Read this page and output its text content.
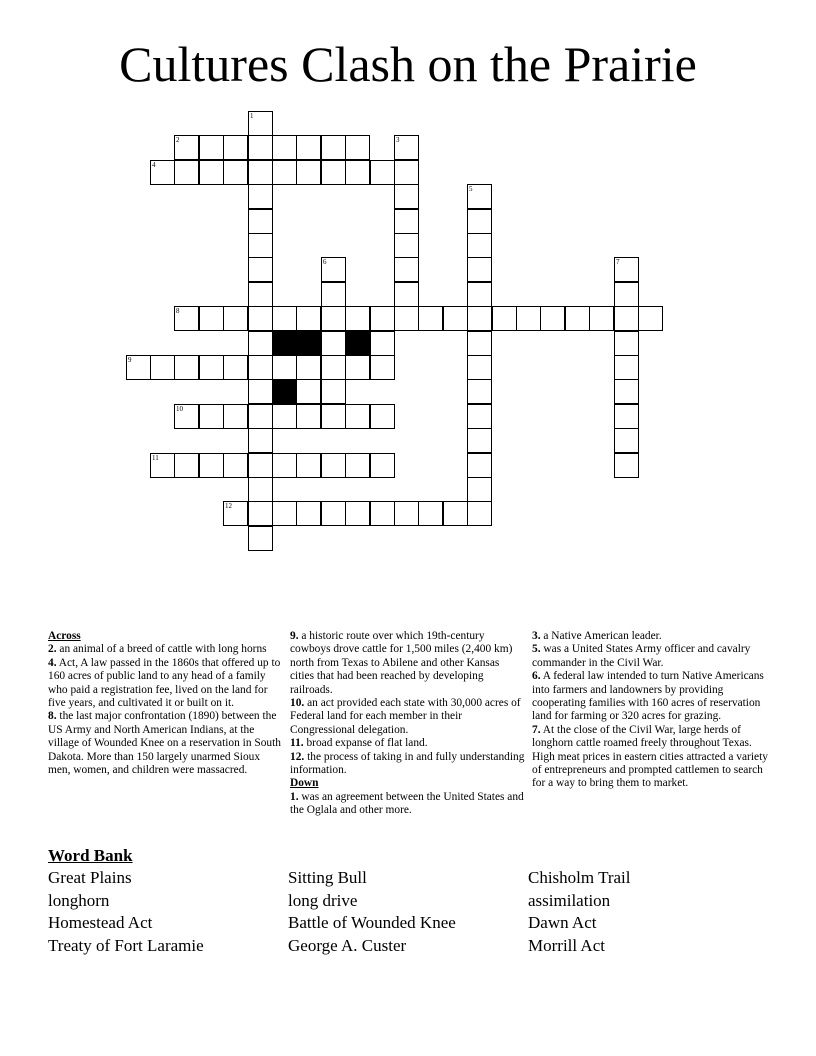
Cultures Clash on the Prairie
1
2	3
4
5
6	7
8
9
10
11
12
Across

2. an animal of a breed of cattle with long horns

4. Act, A law passed in the 1860s that offered up to 160 acres of public land to any head of a family who paid a registration fee, lived on the land for five years, and cultivated it or built on it.

8. the last major confrontation (1890) between the US Army and North American Indians, at the village of Wounded Knee on a reservation in South Dakota. More than 150 largely unarmed Sioux men, women, and children were massacred.

9. a historic route over which 19th-century cowboys drove cattle for 1,500 miles (2,400 km) north from Texas to Abilene and other Kansas cities that had been reached by developing railroads.

10. an act provided each state with 30,000 acres of Federal land for each member in their Congressional delegation.

11. broad expanse of flat land.

12. the process of taking in and fully understanding information.

Down

1. was an agreement between the United States and the Oglala and other more.

3. a Native American leader.

5. was a United States Army officer and cavalry commander in the Civil War.

6. A federal law intended to turn Native Americans into farmers and landowners by providing cooperating families with 160 acres of reservation land for farming or 320 acres for grazing.

7. At the close of the Civil War, large herds of longhorn cattle roamed freely throughout Texas. High meat prices in eastern cities attracted a variety of entrepreneurs and prompted cattlemen to search for a way to bring them to market.

Word Bank
Great Plains
longhorn
Homestead Act
Treaty of Fort Laramie
Sitting Bull
long drive
Battle of Wounded Knee
George A. Custer
Chisholm Trail
assimilation
Dawn Act
Morrill Act
